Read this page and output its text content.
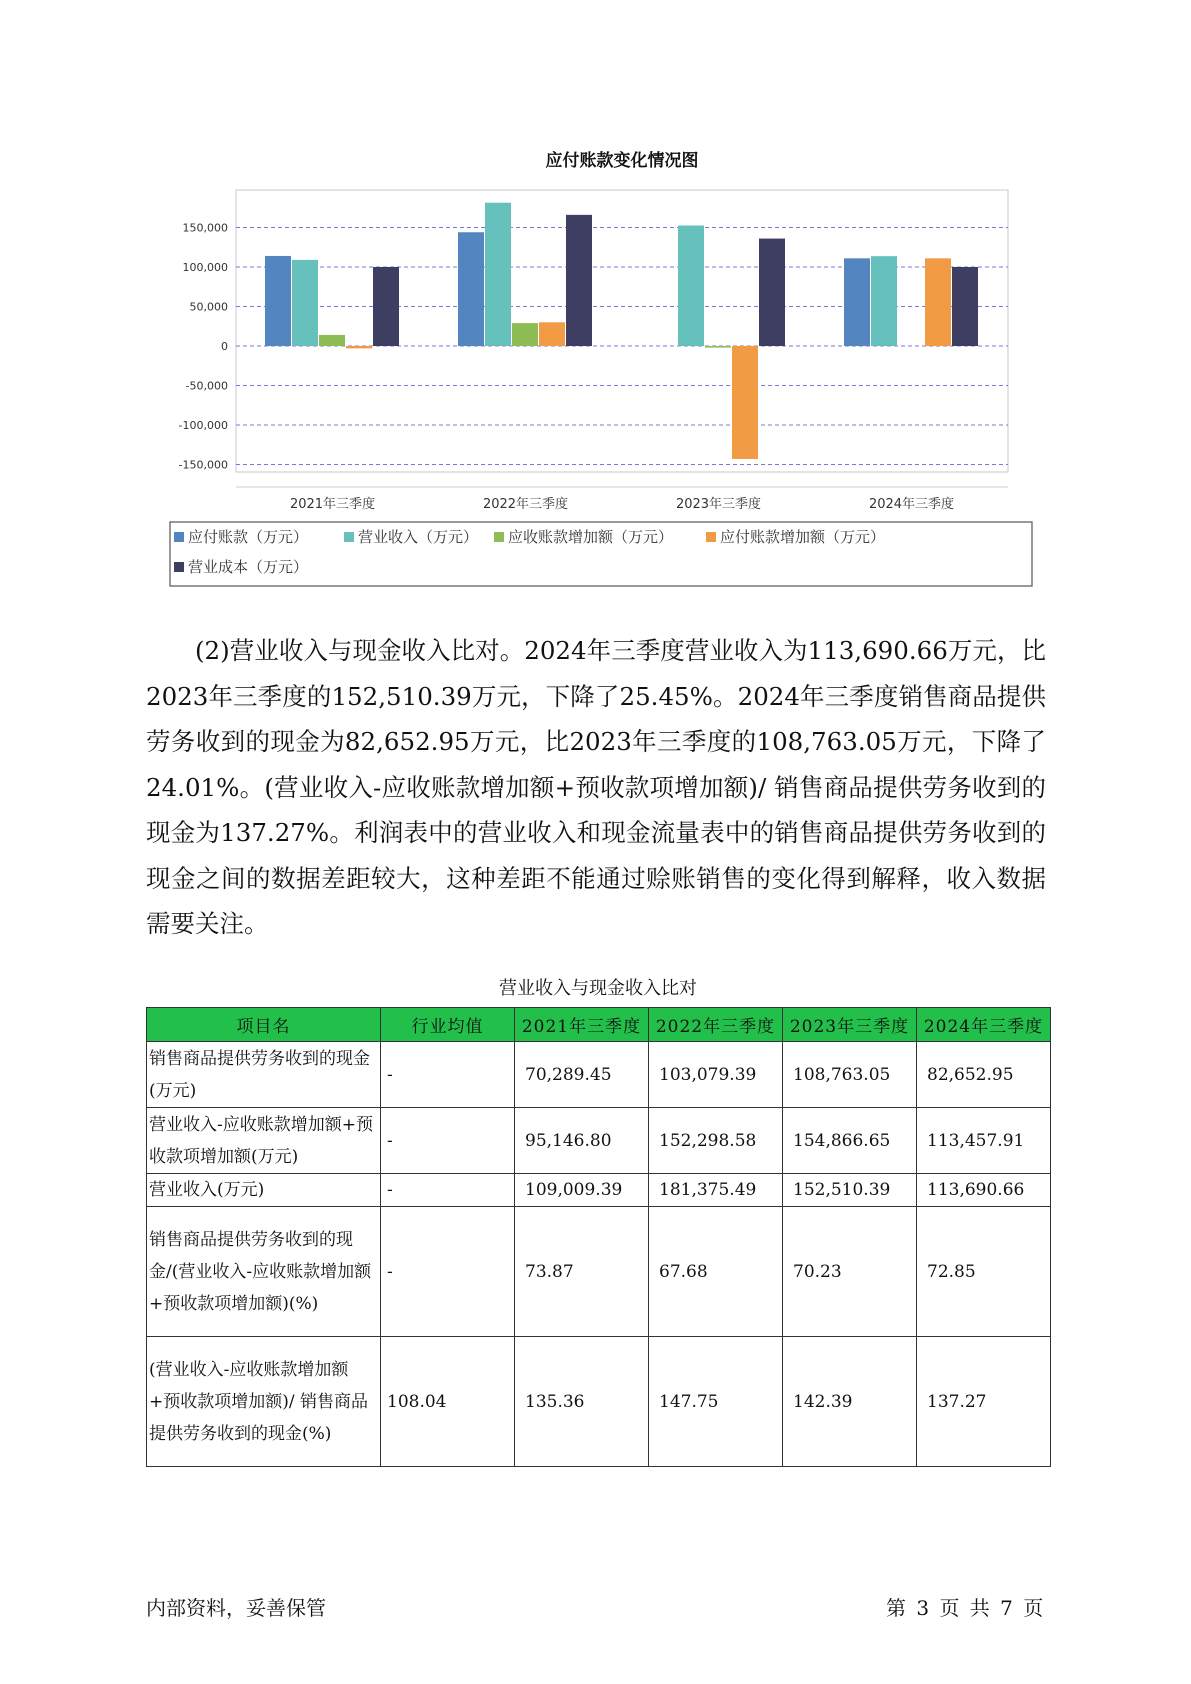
应付账款变化情况图
150,000
100,000
50,000
0
-50,000
-100,000
-150,000
2021年三季度	2022年三季度	2023年三季度	2024年三季度
应付账款（万元）	营业收入（万元） 应收账款增加额（万元）	应付账款增加额（万元）
营业成本（万元）

(2)营业收入与现金收入比对。2024年三季度营业收入为113,690.66万元，比2023年三季度的152,510.39万元，下降了25.45%。2024年三季度销售商品提供劳务收到的现金为82,652.95万元，比2023年三季度的108,763.05万元，下降了24.01%。(营业收入-应收账款增加额+预收款项增加额)/ 销售商品提供劳务收到的现金为137.27%。利润表中的营业收入和现金流量表中的销售商品提供劳务收到的现金之间的数据差距较大，这种差距不能通过赊账销售的变化得到解释，收入数据需要关注。

营业收入与现金收入比对
项目名	行业均值	2021年三季度	2022年三季度	2023年三季度	2024年三季度
销售商品提供劳务收到的现金(万元)	-	70,289.45	103,079.39	108,763.05	82,652.95
营业收入-应收账款增加额+预收款项增加额(万元)	-	95,146.80	152,298.58	154,866.65	113,457.91
营业收入(万元)	-	109,009.39	181,375.49	152,510.39	113,690.66
销售商品提供劳务收到的现金/(营业收入-应收账款增加额+预收款项增加额)(%)	-	73.87	67.68	70.23	72.85
(营业收入-应收账款增加额+预收款项增加额)/ 销售商品提供劳务收到的现金(%)	108.04	135.36	147.75	142.39	137.27
内部资料，妥善保管	第 3 页 共 7 页
